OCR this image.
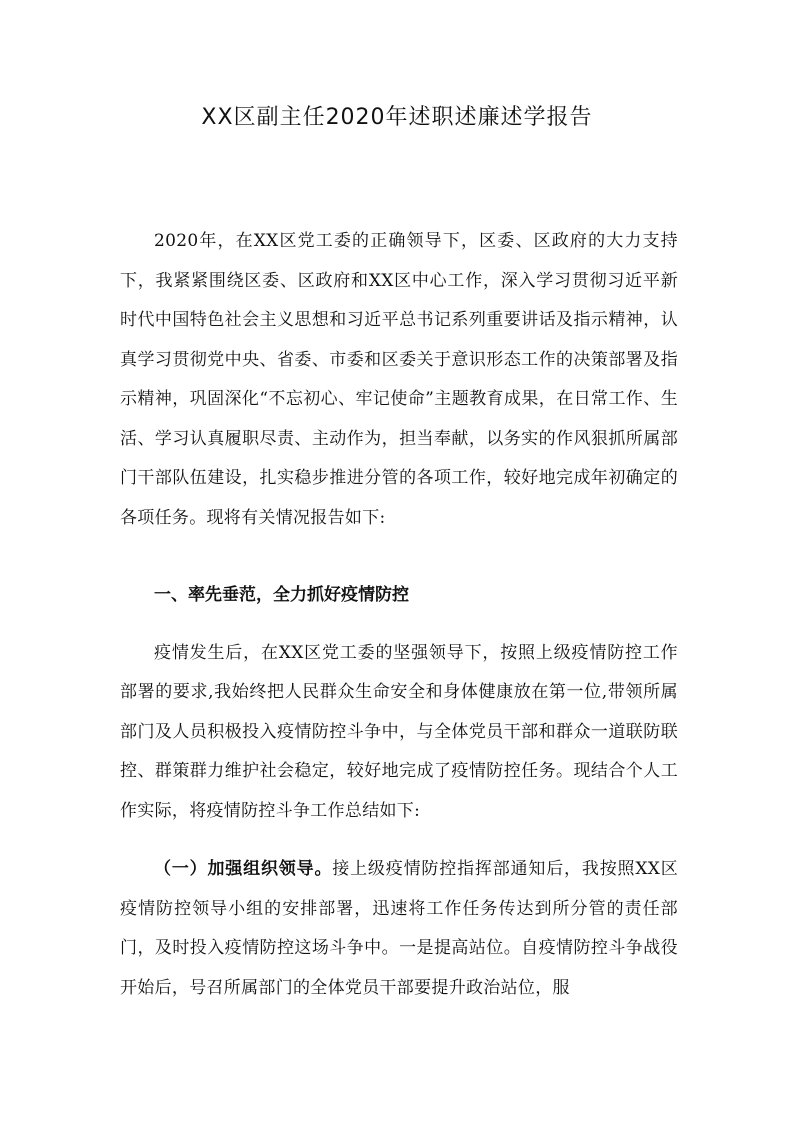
XX区副主任2020年述职述廉述学报告

2020年，在XX区党工委的正确领导下，区委、区政府的大力支持下，我紧紧围绕区委、区政府和XX区中心工作，深入学习贯彻习近平新时代中国特色社会主义思想和习近平总书记系列重要讲话及指示精神，认真学习贯彻党中央、省委、市委和区委关于意识形态工作的决策部署及指示精神，巩固深化“不忘初心、牢记使命”主题教育成果，在日常工作、生活、学习认真履职尽责、主动作为，担当奉献，以务实的作风狠抓所属部门干部队伍建设，扎实稳步推进分管的各项工作，较好地完成年初确定的各项任务。现将有关情况报告如下:

一、率先垂范，全力抓好疫情防控

疫情发生后，在XX区党工委的坚强领导下，按照上级疫情防控工作部署的要求,我始终把人民群众生命安全和身体健康放在第一位,带领所属部门及人员积极投入疫情防控斗争中，与全体党员干部和群众一道联防联控、群策群力维护社会稳定，较好地完成了疫情防控任务。现结合个人工作实际，将疫情防控斗争工作总结如下:

（一）加强组织领导。接上级疫情防控指挥部通知后，我按照XX区疫情防控领导小组的安排部署，迅速将工作任务传达到所分管的责任部门，及时投入疫情防控这场斗争中。一是提高站位。自疫情防控斗争战役开始后，号召所属部门的全体党员干部要提升政治站位，服
